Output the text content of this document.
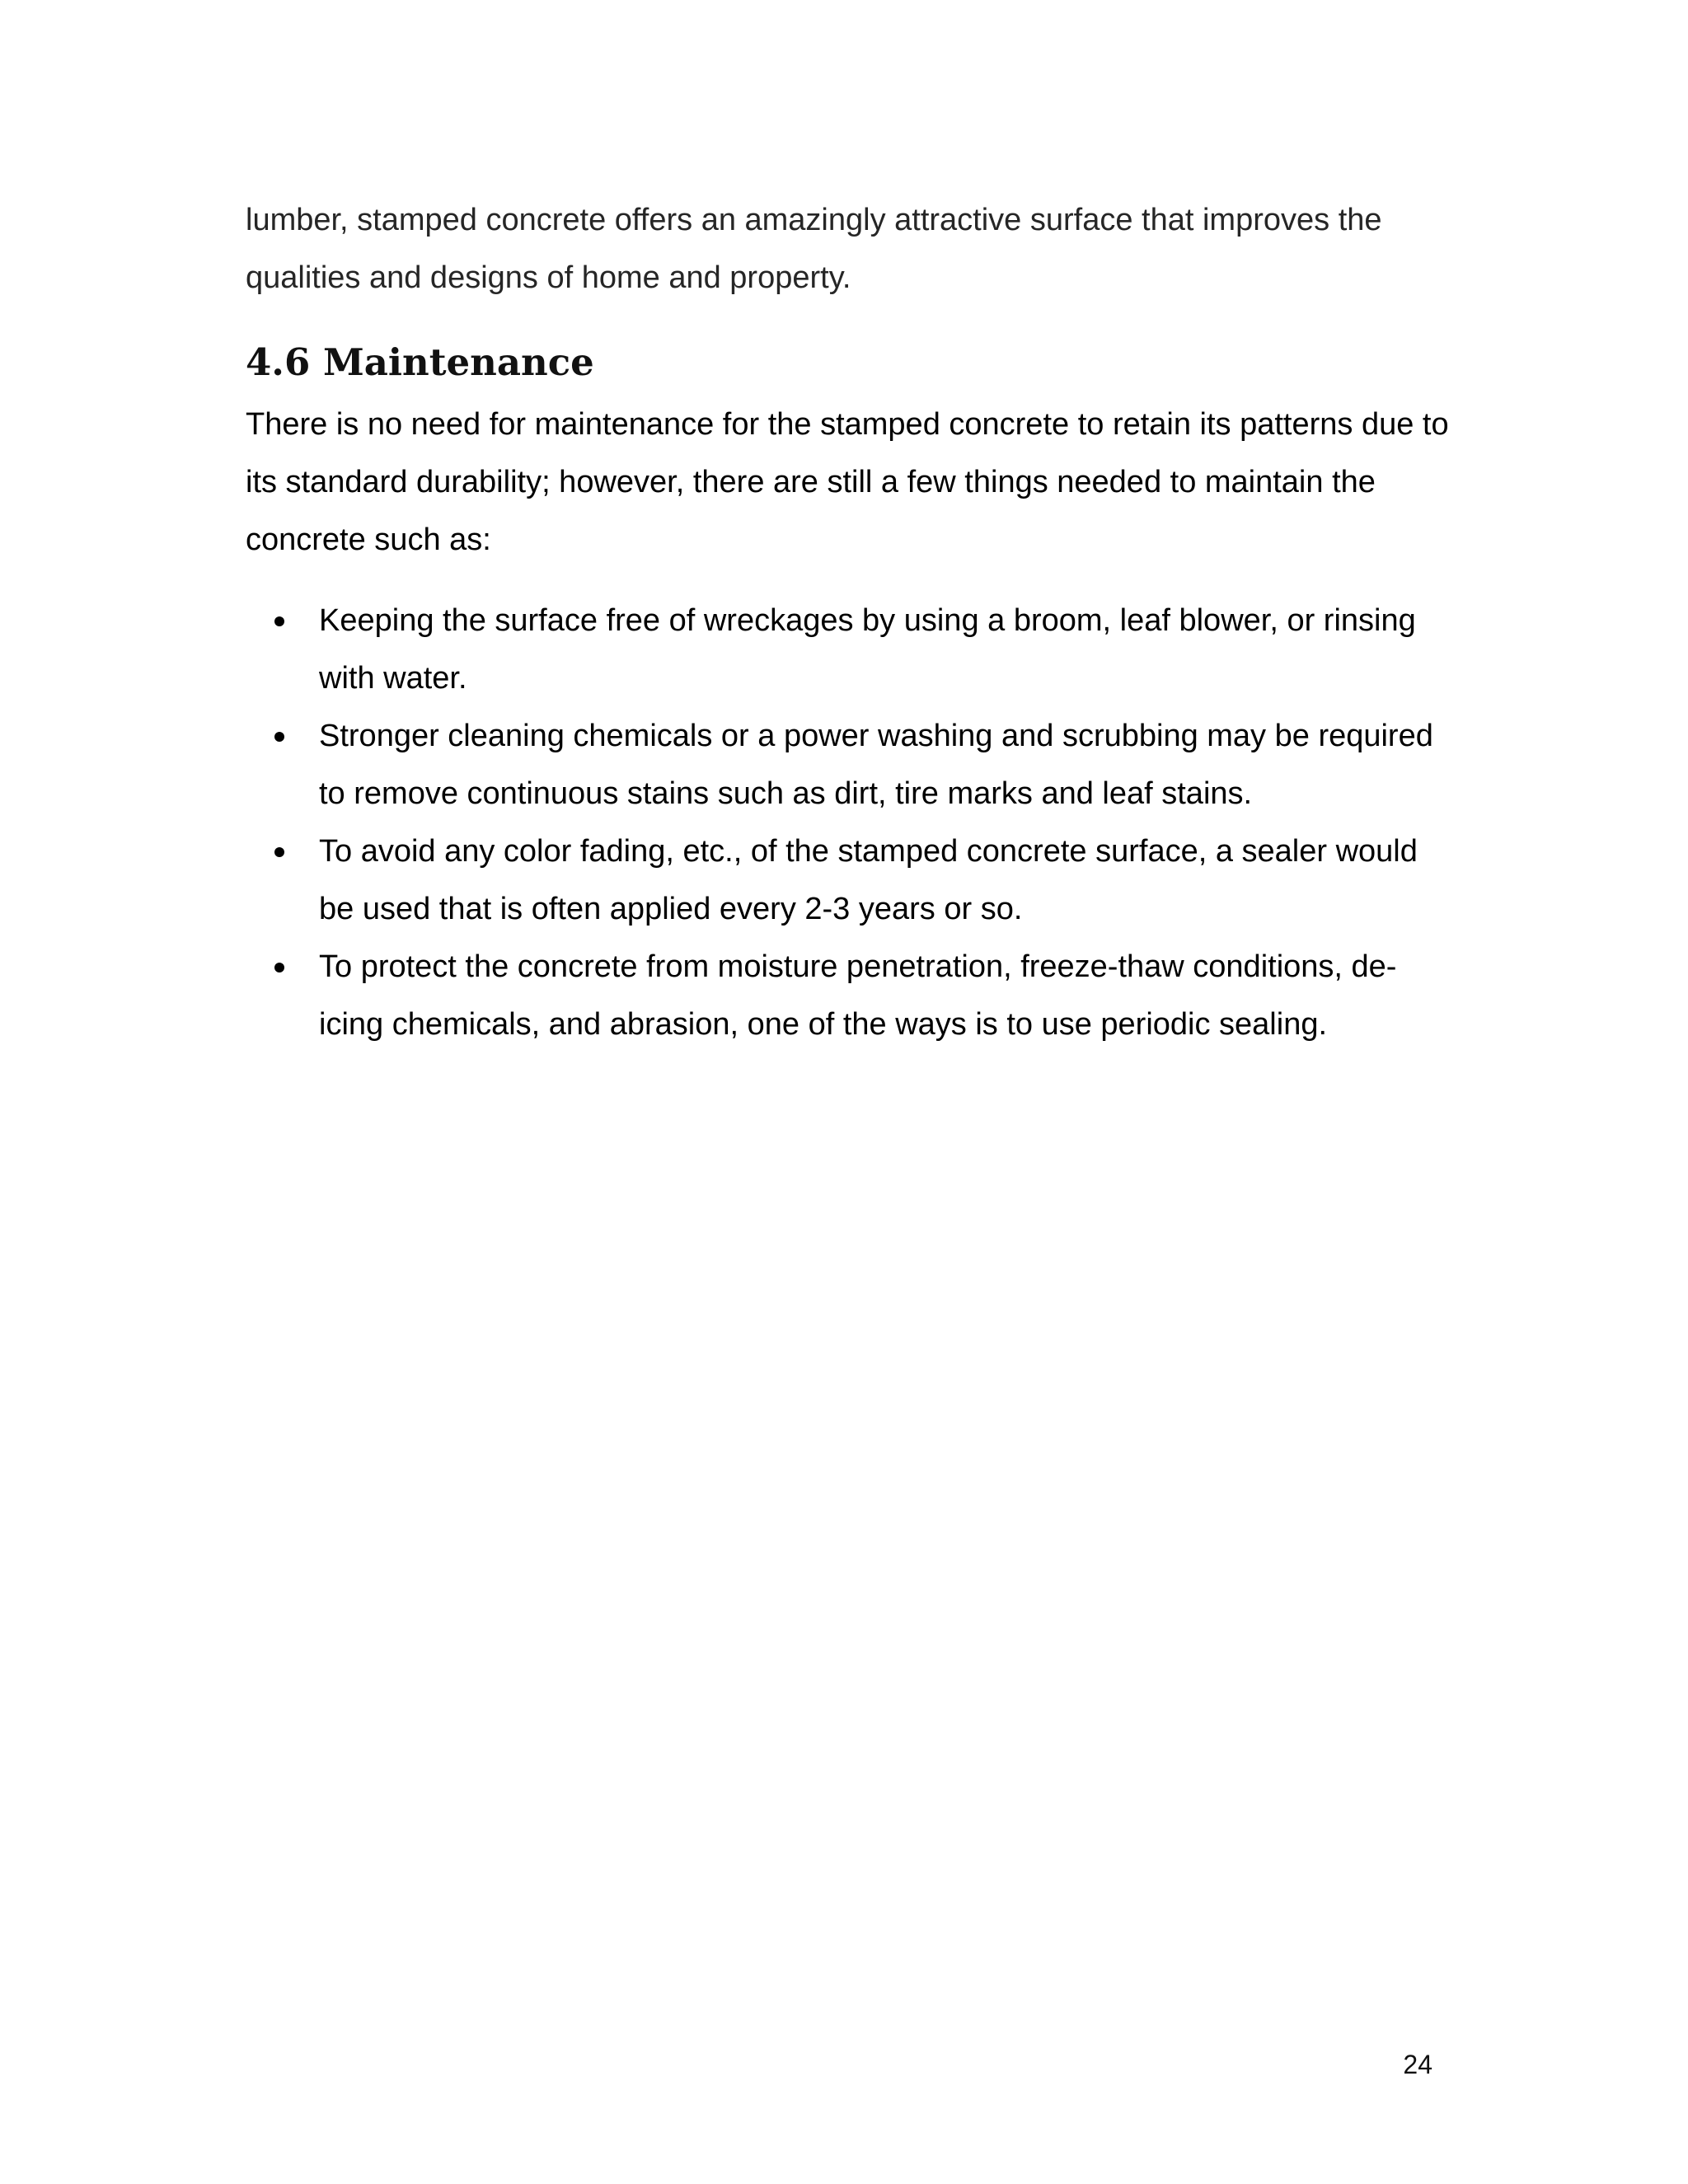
lumber, stamped concrete offers an amazingly attractive surface that improves the qualities and designs of home and property.

4.6 Maintenance

There is no need for maintenance for the stamped concrete to retain its patterns due to its standard durability; however, there are still a few things needed to maintain the concrete such as:

Keeping the surface free of wreckages by using a broom, leaf blower, or rinsing with water.
Stronger cleaning chemicals or a power washing and scrubbing may be required to remove continuous stains such as dirt, tire marks and leaf stains.
To avoid any color fading, etc., of the stamped concrete surface, a sealer would be used that is often applied every 2-3 years or so.
To protect the concrete from moisture penetration, freeze-thaw conditions, de-icing chemicals, and abrasion, one of the ways is to use periodic sealing.
24
